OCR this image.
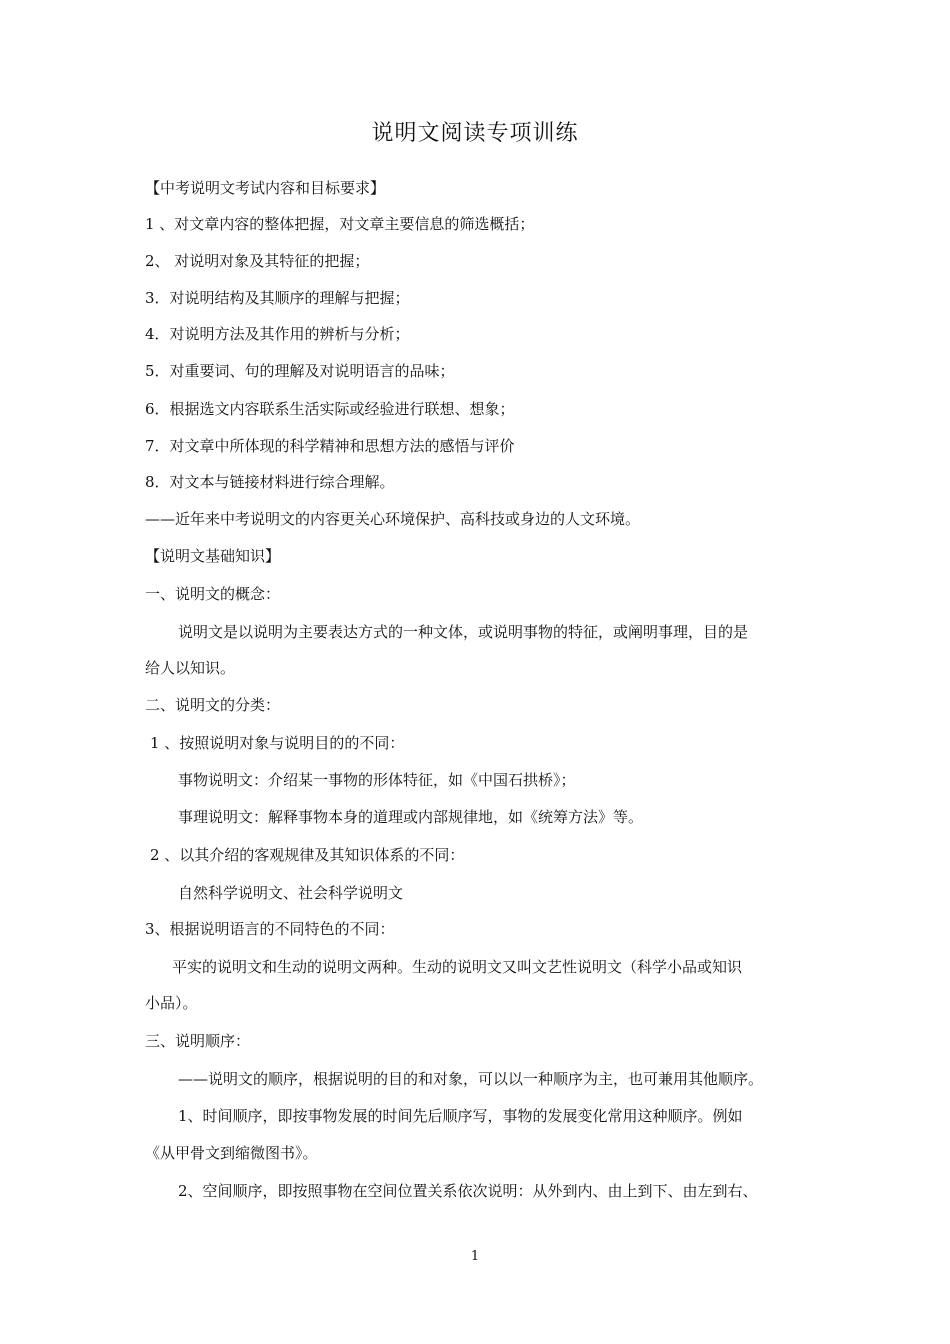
说明文阅读专项训练
【中考说明文考试内容和目标要求】
1 、对文章内容的整体把握，对文章主要信息的筛选概括；
2、 对说明对象及其特征的把握；
3．对说明结构及其顺序的理解与把握；
4．对说明方法及其作用的辨析与分析；
5．对重要词、句的理解及对说明语言的品味；
6．根据选文内容联系生活实际或经验进行联想、想象；
7．对文章中所体现的科学精神和思想方法的感悟与评价
8．对文本与链接材料进行综合理解。
——近年来中考说明文的内容更关心环境保护、高科技或身边的人文环境。
【说明文基础知识】
一、说明文的概念：
说明文是以说明为主要表达方式的一种文体，或说明事物的特征，或阐明事理，目的是
给人以知识。
二、说明文的分类：
1 、按照说明对象与说明目的的不同：
事物说明文：介绍某一事物的形体特征，如《中国石拱桥》；
事理说明文：解释事物本身的道理或内部规律地，如《统筹方法》等。
2 、以其介绍的客观规律及其知识体系的不同：
自然科学说明文、社会科学说明文
3、根据说明语言的不同特色的不同：
平实的说明文和生动的说明文两种。生动的说明文又叫文艺性说明文（科学小品或知识
小品）。
三、说明顺序：
——说明文的顺序，根据说明的目的和对象，可以以一种顺序为主，也可兼用其他顺序。
1、时间顺序，即按事物发展的时间先后顺序写，事物的发展变化常用这种顺序。例如
《从甲骨文到缩微图书》。
2、空间顺序，即按照事物在空间位置关系依次说明：从外到内、由上到下、由左到右、
1
